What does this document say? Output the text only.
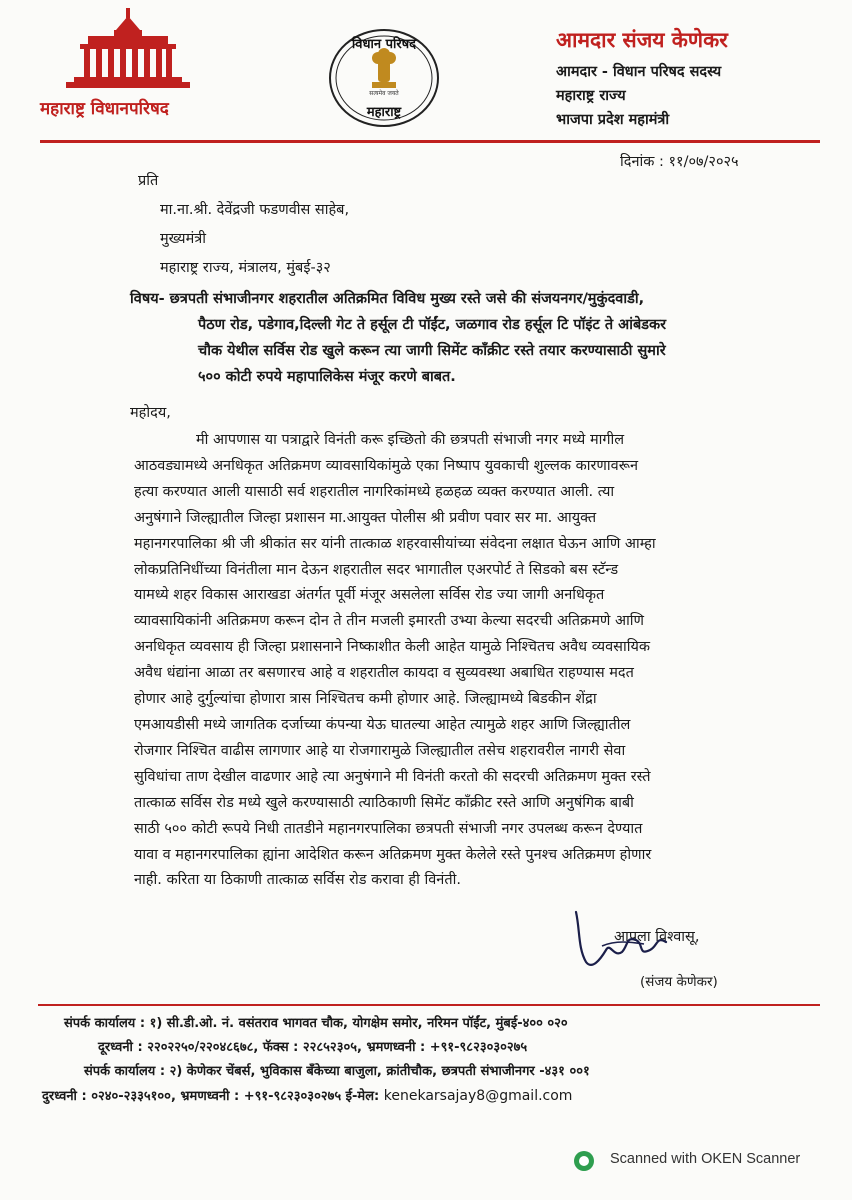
महाराष्ट्र विधानपरिषद
विधान परिषद
सत्यमेव जयते
महाराष्ट्र
आमदार संजय केणेकर
आमदार - विधान परिषद सदस्य
महाराष्ट्र राज्य
भाजपा प्रदेश महामंत्री
दिनांक : ११/०७/२०२५
प्रति
मा.ना.श्री. देवेंद्रजी फडणवीस साहेब,
मुख्यमंत्री
महाराष्ट्र राज्य, मंत्रालय, मुंबई-३२
विषय- छत्रपती संभाजीनगर शहरातील अतिक्रमित विविध मुख्य रस्ते जसे की संजयनगर/मुकुंदवाडी,
पैठण रोड, पडेगाव,दिल्ली गेट ते हर्सूल टी पॉईंट, जळगाव रोड हर्सूल टि पॉइंट ते आंबेडकर
चौक येथील सर्विस रोड खुले करून त्या जागी सिमेंट कॉंक्रीट रस्ते तयार करण्यासाठी सुमारे
५०० कोटी रुपये महापालिकेस मंजूर करणे बाबत.
महोदय,
मी आपणास या पत्राद्वारे विनंती करू इच्छितो की छत्रपती संभाजी नगर मध्ये मागील
आठवड्यामध्ये अनधिकृत अतिक्रमण व्यावसायिकांमुळे एका निष्पाप युवकाची शुल्लक कारणावरून
हत्या करण्यात आली यासाठी सर्व शहरातील नागरिकांमध्ये हळहळ व्यक्त करण्यात आली. त्या
अनुषंगाने जिल्ह्यातील जिल्हा प्रशासन मा.आयुक्त पोलीस श्री प्रवीण पवार सर मा. आयुक्त
महानगरपालिका श्री जी श्रीकांत सर यांनी तात्काळ शहरवासीयांच्या संवेदना लक्षात घेऊन आणि आम्हा
लोकप्रतिनिधींच्या विनंतीला मान देऊन शहरातील सदर भागातील एअरपोर्ट ते सिडको बस स्टॅन्ड
यामध्ये शहर विकास आराखडा अंतर्गत पूर्वी मंजूर असलेला सर्विस रोड ज्या जागी अनधिकृत
व्यावसायिकांनी अतिक्रमण करून दोन ते तीन मजली इमारती उभ्या केल्या सदरची अतिक्रमणे आणि
अनधिकृत व्यवसाय ही जिल्हा प्रशासनाने निष्काशीत केली आहेत यामुळे निश्चितच अवैध व्यवसायिक
अवैध धंद्यांना आळा तर बसणारच आहे व शहरातील कायदा व सुव्यवस्था अबाधित राहण्यास मदत
होणार आहे दुर्गुल्यांचा होणारा त्रास निश्चितच कमी होणार आहे. जिल्ह्यामध्ये बिडकीन शेंद्रा
एमआयडीसी मध्ये जागतिक दर्जाच्या कंपन्या येऊ घातल्या आहेत त्यामुळे शहर आणि जिल्ह्यातील
रोजगार निश्चित वाढीस लागणार आहे या रोजगारामुळे जिल्ह्यातील तसेच शहरावरील नागरी सेवा
सुविधांचा ताण देखील वाढणार आहे त्या अनुषंगाने मी विनंती करतो की सदरची अतिक्रमण मुक्त रस्ते
तात्काळ सर्विस रोड मध्ये खुले करण्यासाठी त्याठिकाणी सिमेंट कॉंक्रीट रस्ते आणि अनुषंगिक बाबी
साठी ५०० कोटी रूपये निधी तातडीने महानगरपालिका छत्रपती संभाजी नगर उपलब्ध करून देण्यात
यावा व महानगरपालिका ह्यांना आदेशित करून अतिक्रमण मुक्त केलेले रस्ते पुनश्च अतिक्रमण होणार
नाही. करिता या ठिकाणी तात्काळ सर्विस रोड करावा ही विनंती.
आपला विश्वासू,
(संजय केणेकर)
संपर्क कार्यालय : १) सी.डी.ओ. नं. वसंतराव भागवत चौक, योगक्षेम समोर, नरिमन पॉईंट, मुंबई-४०० ०२०
दूरध्वनी : २२०२२५०/२२०४८६७८, फॅक्स : २२८५२३०५, भ्रमणध्वनी : +९१-९८२३०३०२७५
संपर्क कार्यालय : २) केणेकर चेंबर्स, भुविकास बँकेच्या बाजुला, क्रांतीचौक, छत्रपती संभाजीनगर -४३१ ००१
दुरध्वनी : ०२४०-२३३५१००, भ्रमणध्वनी : +९१-९८२३०३०२७५ ई-मेल: kenekarsajay8@gmail.com
Scanned with OKEN Scanner
